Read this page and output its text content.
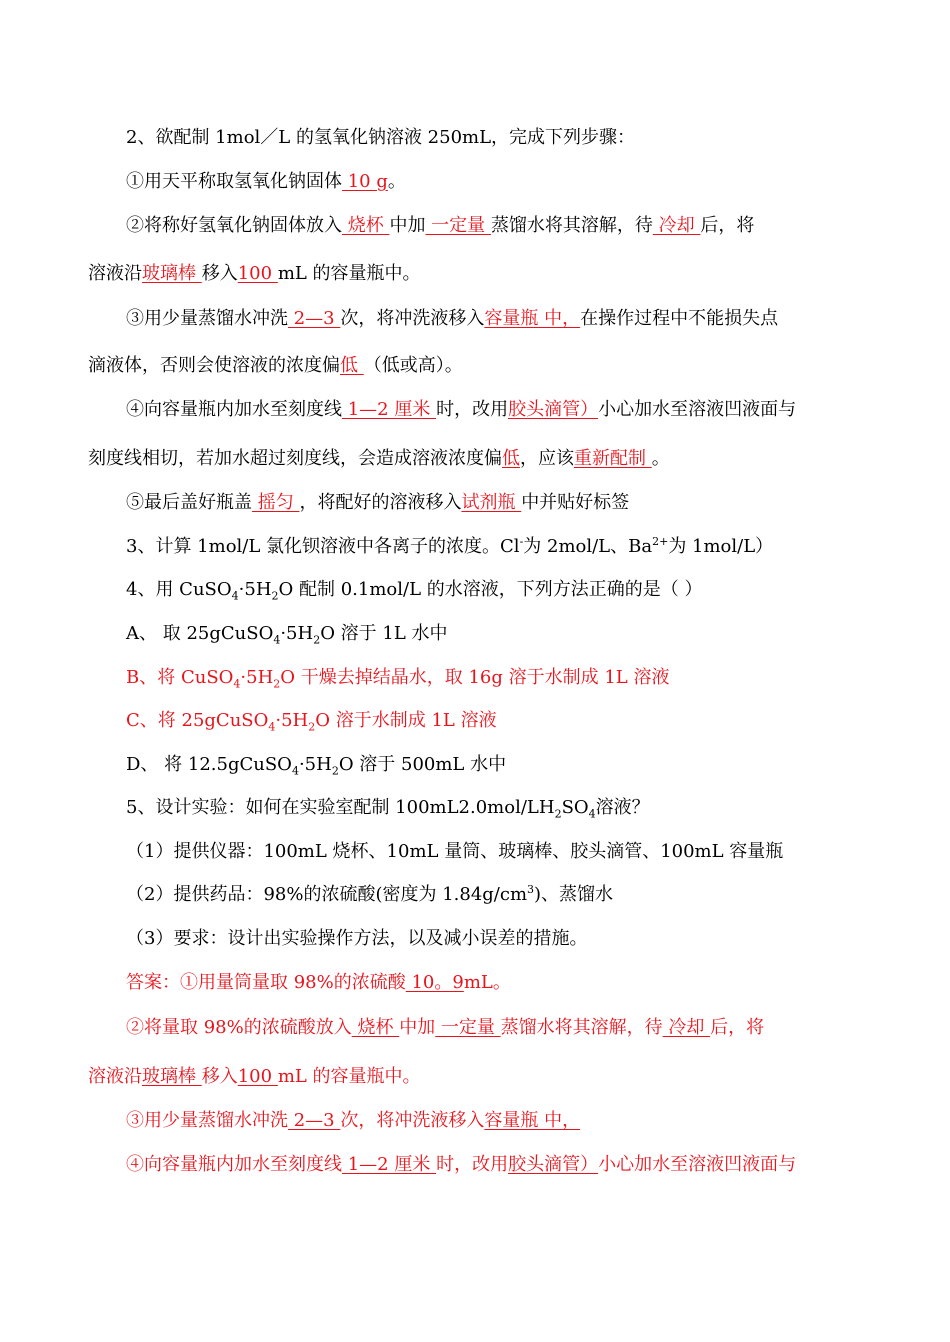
2、欲配制 1mol／L 的氢氧化钠溶液 250mL，完成下列步骤：
①用天平称取氢氧化钠固体 10 g。
②将称好氢氧化钠固体放入 烧杯 中加 一定量 蒸馏水将其溶解，待 冷却 后，将
溶液沿玻璃棒 移入100 mL 的容量瓶中。
③用少量蒸馏水冲洗 2—3 次，将冲洗液移入容量瓶 中，在操作过程中不能损失点
滴液体，否则会使溶液的浓度偏低 （低或高）。
④向容量瓶内加水至刻度线 1—2 厘米 时，改用胶头滴管）小心加水至溶液凹液面与
刻度线相切，若加水超过刻度线，会造成溶液浓度偏低，应该重新配制 。
⑤最后盖好瓶盖 摇匀 ，将配好的溶液移入试剂瓶 中并贴好标签
3、计算 1mol/L 氯化钡溶液中各离子的浓度。Cl-为 2mol/L、$Ba^{2+}$为 1mol/L）
4、用 $CuSO_4\cdot 5H_2O$ 配制 0.1mol/L 的水溶液，下列方法正确的是（ ）
A、 取 $25gCuSO_4\cdot 5H_2O$ 溶于 1L 水中
B、将 $CuSO_4\cdot 5H_2O$ 干燥去掉结晶水，取 16g 溶于水制成 1L 溶液
C、将 $25gCuSO_4\cdot 5H_2O$ 溶于水制成 1L 溶液
D、 将 $12.5gCuSO_4\cdot 5H_2O$ 溶于 500mL 水中
5、设计实验：如何在实验室配制 $100mL2.0mol/LH_2SO_4$溶液？
（1）提供仪器：100mL 烧杯、10mL 量筒、玻璃棒、胶头滴管、100mL 容量瓶
（2）提供药品：98%的浓硫酸(密度为 $1.84g/cm^3$)、蒸馏水
（3）要求：设计出实验操作方法，以及减小误差的措施。
答案：①用量筒量取 98%的浓硫酸 10。9mL。
②将量取 98%的浓硫酸放入 烧杯 中加 一定量 蒸馏水将其溶解，待 冷却 后，将
溶液沿玻璃棒 移入100 mL 的容量瓶中。
③用少量蒸馏水冲洗 2—3 次，将冲洗液移入容量瓶 中，
④向容量瓶内加水至刻度线 1—2 厘米 时，改用胶头滴管）小心加水至溶液凹液面与
